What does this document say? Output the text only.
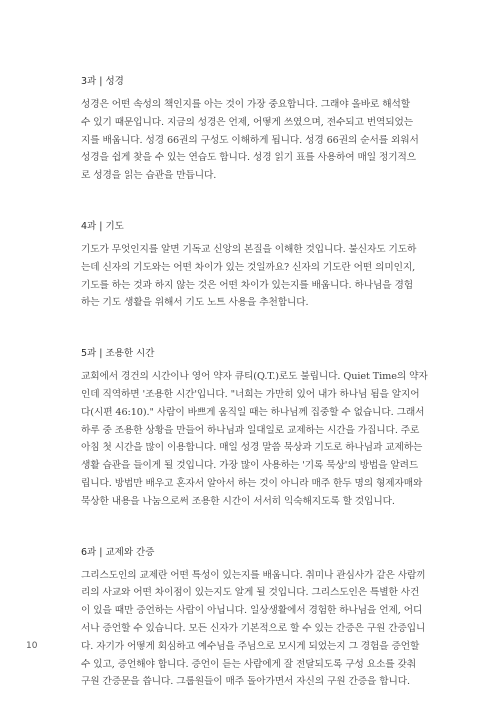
3과 | 성경

성경은 어떤 속성의 책인지를 아는 것이 가장 중요합니다. 그래야 올바로 해석할
수 있기 때문입니다. 지금의 성경은 언제, 어떻게 쓰였으며, 전수되고 번역되었는
지를 배웁니다. 성경 66권의 구성도 이해하게 됩니다. 성경 66권의 순서를 외워서
성경을 쉽게 찾을 수 있는 연습도 합니다. 성경 읽기 표를 사용하여 매일 정기적으
로 성경을 읽는 습관을 만듭니다.

4과 | 기도

기도가 무엇인지를 알면 기독교 신앙의 본질을 이해한 것입니다. 불신자도 기도하
는데 신자의 기도와는 어떤 차이가 있는 것일까요? 신자의 기도란 어떤 의미인지,
기도를 하는 것과 하지 않는 것은 어떤 차이가 있는지를 배웁니다. 하나님을 경험
하는 기도 생활을 위해서 기도 노트 사용을 추천합니다.

5과 | 조용한 시간

교회에서 경건의 시간이나 영어 약자 큐티(Q.T.)로도 불립니다. Quiet Time의 약자
인데 직역하면 '조용한 시간'입니다. "너희는 가만히 있어 내가 하나님 됨을 알지어
다(시편 46:10)." 사람이 바쁘게 움직일 때는 하나님께 집중할 수 없습니다. 그래서
하루 중 조용한 상황을 만들어 하나님과 일대일로 교제하는 시간을 가집니다. 주로
아침 첫 시간을 많이 이용합니다. 매일 성경 말씀 묵상과 기도로 하나님과 교제하는
생활 습관을 들이게 될 것입니다. 가장 많이 사용하는 '기록 묵상'의 방법을 알려드
립니다. 방법만 배우고 혼자서 알아서 하는 것이 아니라 매주 한두 명의 형제자매와
묵상한 내용을 나눔으로써 조용한 시간이 서서히 익숙해지도록 할 것입니다.

6과 | 교제와 간증

그리스도인의 교제란 어떤 특성이 있는지를 배웁니다. 취미나 관심사가 같은 사람끼
리의 사교와 어떤 차이점이 있는지도 알게 될 것입니다. 그리스도인은 특별한 사건
이 있을 때만 증언하는 사람이 아닙니다. 일상생활에서 경험한 하나님을 언제, 어디
서나 증언할 수 있습니다. 모든 신자가 기본적으로 할 수 있는 간증은 구원 간증입니
다. 자기가 어떻게 회심하고 예수님을 주님으로 모시게 되었는지 그 경험을 증언할
수 있고, 증언해야 합니다. 증언이 듣는 사람에게 잘 전달되도록 구성 요소를 갖춰
구원 간증문을 씁니다. 그룹원들이 매주 돌아가면서 자신의 구원 간증을 합니다.

10
